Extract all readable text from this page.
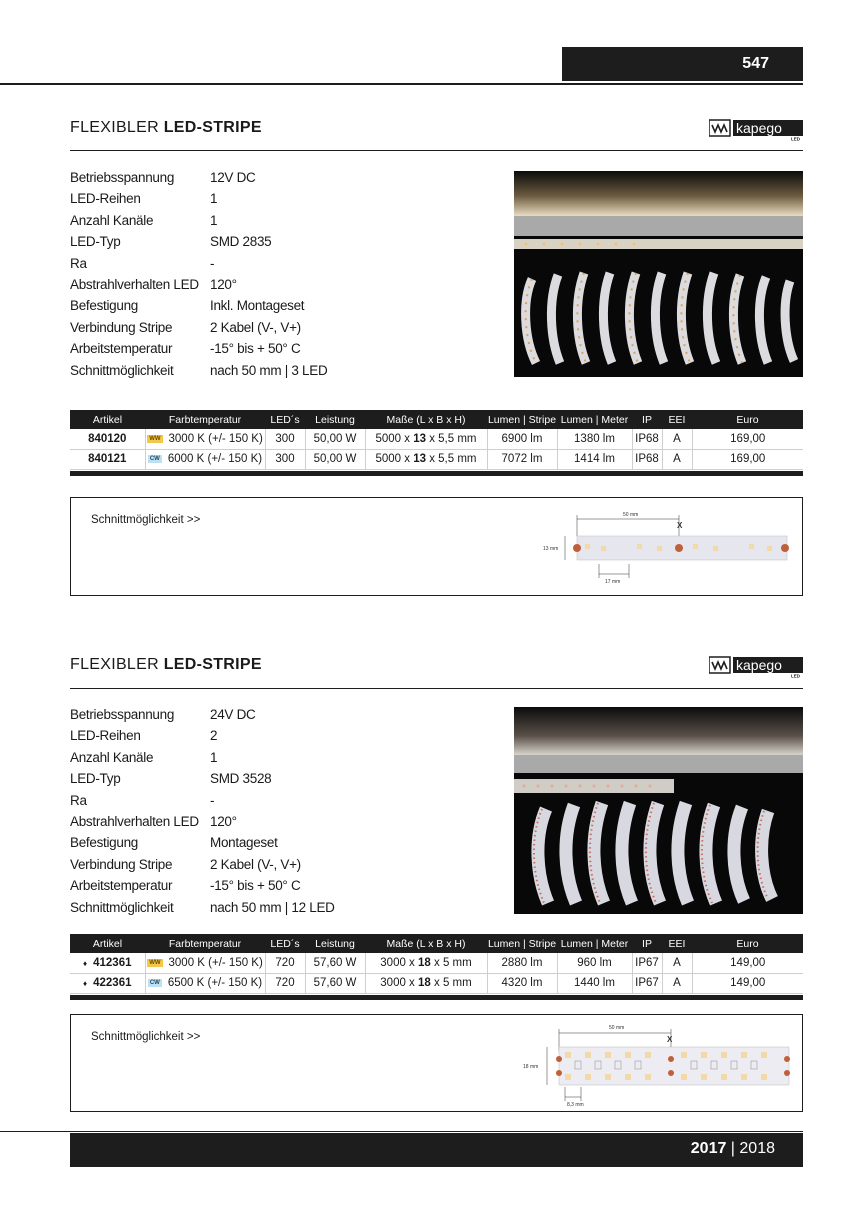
547
FLEXIBLER LED-STRIPE	kapego
LED
Betriebsspannung	12V DC
LED-Reihen	1
Anzahl Kanäle	1
LED-Typ	SMD 2835
Ra	-
Abstrahlverhalten LED 120°
Befestigung	Inkl. Montageset
Verbindung Stripe	2 Kabel (V-, V+)
Arbeitstemperatur	-15° bis + 50° C
Schnittmöglichkeit	nach 50 mm | 3 LED
Artikel	Farbtemperatur	LED´s	Leistung	Maße (L x B x H)	Lumen | Stripe	Lumen | Meter	IP	EEI	Euro
840120	WW 3000 K (+/- 150 K)	300	50,00 W	5000 x 13 x 5,5 mm	6900 lm	1380 lm	IP68	A	169,00
840121	CW 6000 K (+/- 150 K)	300	50,00 W	5000 x 13 x 5,5 mm	7072 lm	1414 lm	IP68	A	169,00
Schnittmöglichkeit >>	50 mm
X
13 mm
17 mm
FLEXIBLER LED-STRIPE	kapego
LED
Betriebsspannung	24V DC
LED-Reihen	2
Anzahl Kanäle	1
LED-Typ	SMD 3528
Ra	-
Abstrahlverhalten LED 120°
Befestigung	Montageset
Verbindung Stripe	2 Kabel (V-, V+)
Arbeitstemperatur	-15° bis + 50° C
Schnittmöglichkeit	nach 50 mm | 12 LED
Artikel	Farbtemperatur	LED´s	Leistung	Maße (L x B x H)	Lumen | Stripe	Lumen | Meter	IP	EEI	Euro
♦ 412361	WW 3000 K (+/- 150 K)	720	57,60 W	3000 x 18 x 5 mm	2880 lm	960 lm	IP67	A	149,00
♦ 422361	CW 6500 K (+/- 150 K)	720	57,60 W	3000 x 18 x 5 mm	4320 lm	1440 lm	IP67	A	149,00
Schnittmöglichkeit >>
50 mm
X
18 mm
8,3 mm
2017 | 2018
